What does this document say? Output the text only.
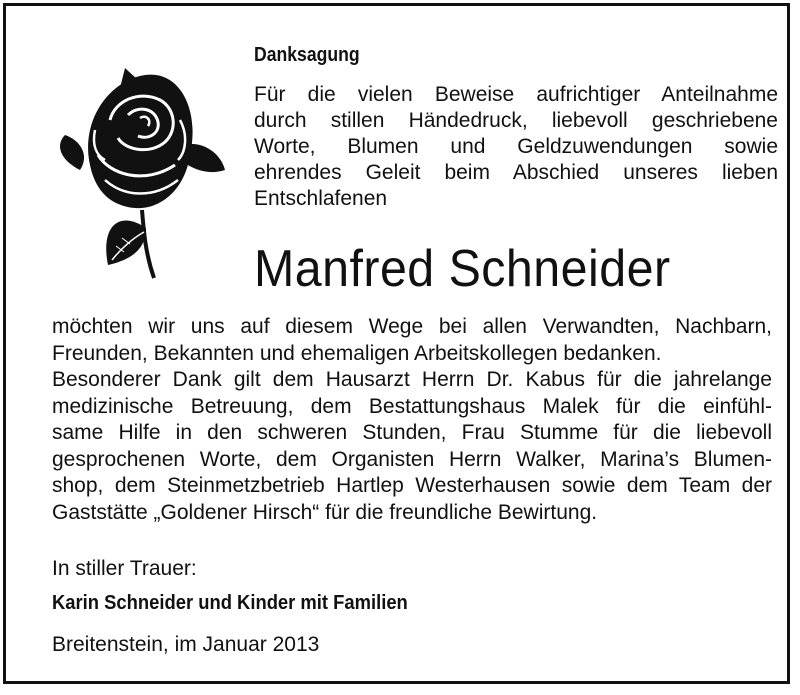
Danksagung
Für die vielen Beweise aufrichtiger Anteilnahme
durch stillen Händedruck, liebevoll geschriebene
Worte, Blumen und Geldzuwendungen sowie
ehrendes Geleit beim Abschied unseres lieben
Entschlafenen
Manfred Schneider
möchten wir uns auf diesem Wege bei allen Verwandten, Nachbarn,
Freunden, Bekannten und ehemaligen Arbeitskollegen bedanken.
Besonderer Dank gilt dem Hausarzt Herrn Dr. Kabus für die jahrelange
medizinische Betreuung, dem Bestattungshaus Malek für die einfühl-
same Hilfe in den schweren Stunden, Frau Stumme für die liebevoll
gesprochenen Worte, dem Organisten Herrn Walker, Marina’s Blumen-
shop, dem Steinmetzbetrieb Hartlep Westerhausen sowie dem Team der
Gaststätte „Goldener Hirsch“ für die freundliche Bewirtung.
In stiller Trauer:
Karin Schneider und Kinder mit Familien
Breitenstein, im Januar 2013
